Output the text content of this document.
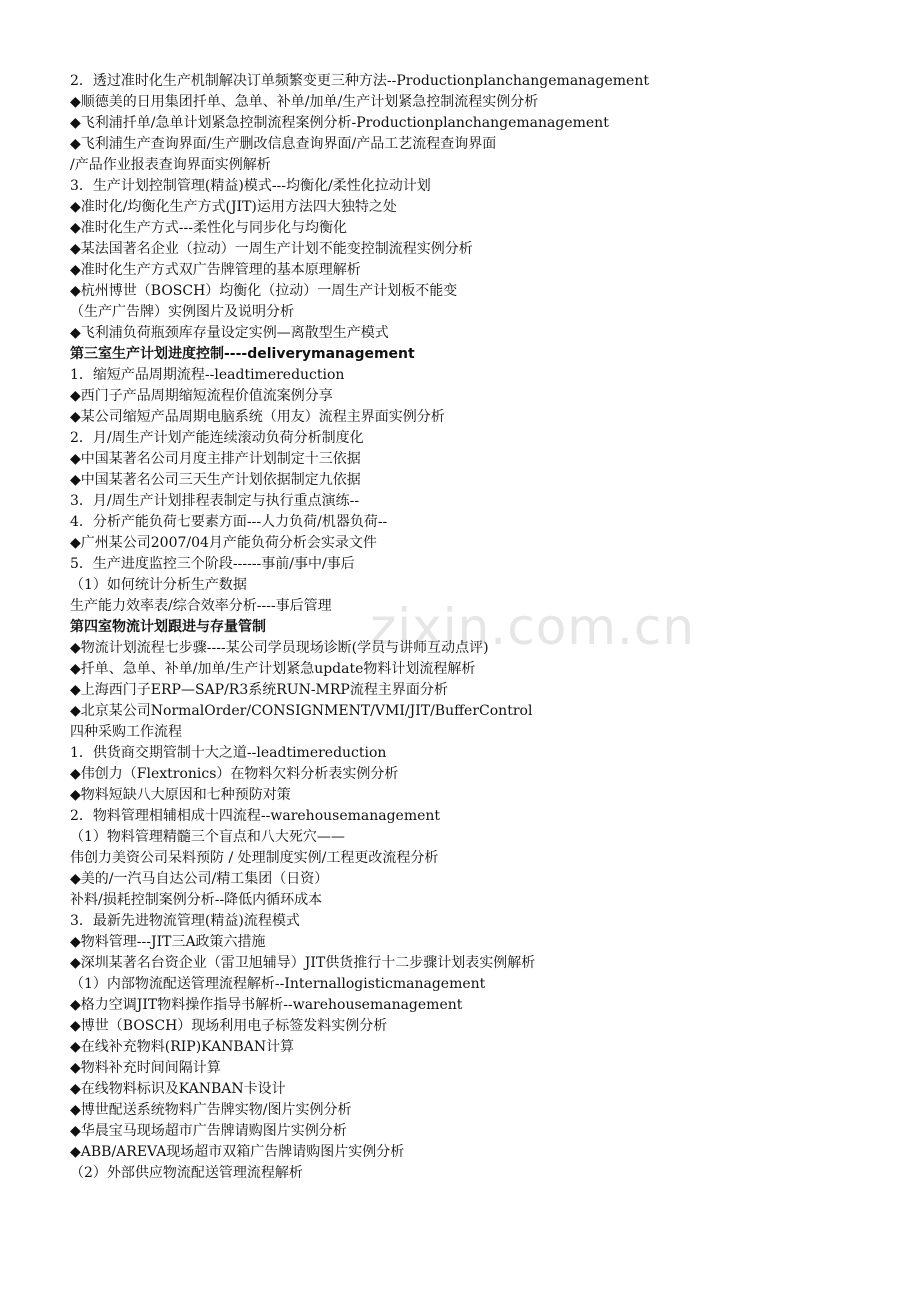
zixin.com.cn
2．透过准时化生产机制解决订单频繁变更三种方法--Productionplanchangemanagement
◆顺德美的日用集团扦单、急单、补单/加单/生产计划紧急控制流程实例分析
◆飞利浦扦单/急单计划紧急控制流程案例分析-Productionplanchangemanagement
◆飞利浦生产查询界面/生产删改信息查询界面/产品工艺流程查询界面
/产品作业报表查询界面实例解析
3．生产计划控制管理(精益)模式---均衡化/柔性化拉动计划
◆准时化/均衡化生产方式(JIT)运用方法四大独特之处
◆准时化生产方式---柔性化与同步化与均衡化
◆某法国著名企业（拉动）一周生产计划不能变控制流程实例分析
◆准时化生产方式双广告牌管理的基本原理解析
◆杭州博世（BOSCH）均衡化（拉动）一周生产计划板不能变
（生产广告牌）实例图片及说明分析
◆飞利浦负荷瓶颈库存量设定实例—离散型生产模式
第三室生产计划进度控制----deliverymanagement
1．缩短产品周期流程--leadtimereduction
◆西门子产品周期缩短流程价值流案例分享
◆某公司缩短产品周期电脑系统（用友）流程主界面实例分析
2．月/周生产计划产能连续滚动负荷分析制度化
◆中国某著名公司月度主排产计划制定十三依据
◆中国某著名公司三天生产计划依据制定九依据
3．月/周生产计划排程表制定与执行重点演练--
4．分析产能负荷七要素方面---人力负荷/机器负荷--
◆广州某公司2007/04月产能负荷分析会实录文件
5．生产进度监控三个阶段------事前/事中/事后
（1）如何统计分析生产数据
生产能力效率表/综合效率分析----事后管理
第四室物流计划跟进与存量管制
◆物流计划流程七步骤----某公司学员现场诊断(学员与讲师互动点评)
◆扦单、急单、补单/加单/生产计划紧急update物料计划流程解析
◆上海西门子ERP—SAP/R3系统RUN-MRP流程主界面分析
◆北京某公司NormalOrder/CONSIGNMENT/VMI/JIT/BufferControl
四种采购工作流程
1．供货商交期管制十大之道--leadtimereduction
◆伟创力（Flextronics）在物料欠料分析表实例分析
◆物料短缺八大原因和七种预防对策
2．物料管理相辅相成十四流程--warehousemanagement
（1）物料管理精髓三个盲点和八大死穴——
伟创力美资公司呆料预防 / 处理制度实例/工程更改流程分析
◆美的/一汽马自达公司/精工集团（日资）
补料/损耗控制案例分析--降低内循环成本
3．最新先进物流管理(精益)流程模式
◆物料管理---JIT三A政策六措施
◆深圳某著名台资企业（雷卫旭辅导）JIT供货推行十二步骤计划表实例解析
（1）内部物流配送管理流程解析--Internallogisticmanagement
◆格力空调JIT物料操作指导书解析--warehousemanagement
◆博世（BOSCH）现场利用电子标签发料实例分析
◆在线补充物料(RIP)KANBAN计算
◆物料补充时间间隔计算
◆在线物料标识及KANBAN卡设计
◆博世配送系统物料广告牌实物/图片实例分析
◆华晨宝马现场超市广告牌请购图片实例分析
◆ABB/AREVA现场超市双箱广告牌请购图片实例分析
（2）外部供应物流配送管理流程解析
